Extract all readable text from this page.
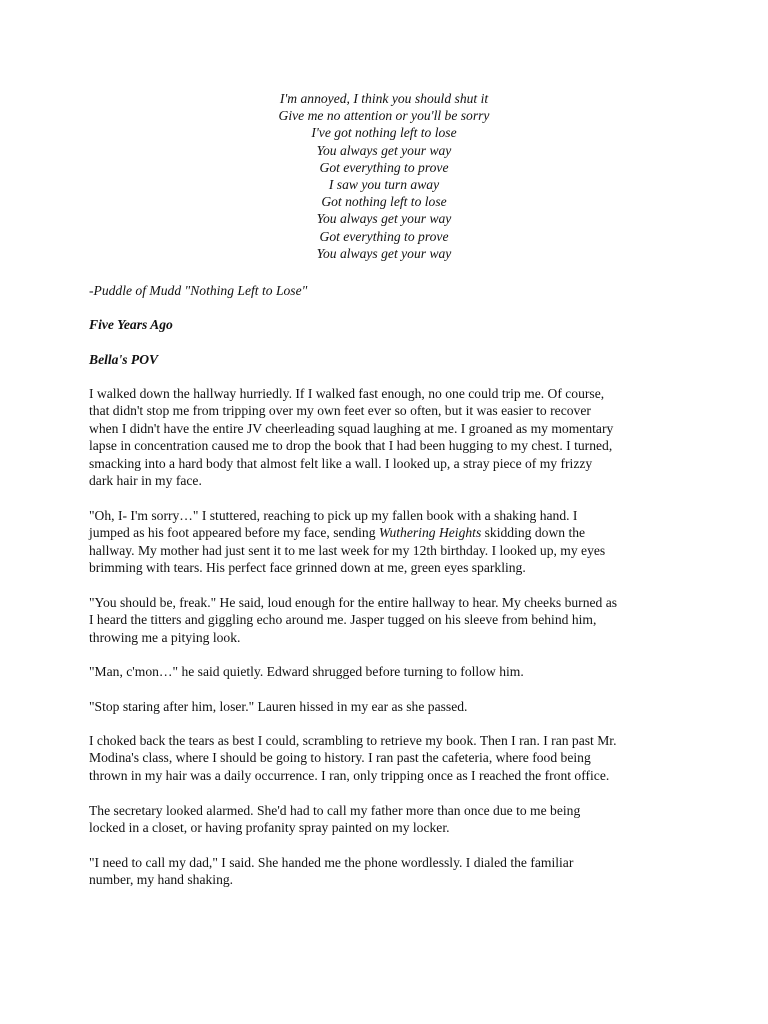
I'm annoyed, I think you should shut it
Give me no attention or you'll be sorry
I've got nothing left to lose
You always get your way
Got everything to prove
I saw you turn away
Got nothing left to lose
You always get your way
Got everything to prove
You always get your way
-Puddle of Mudd "Nothing Left to Lose"
Five Years Ago
Bella's POV
I walked down the hallway hurriedly. If I walked fast enough, no one could trip me. Of course,
that didn't stop me from tripping over my own feet ever so often, but it was easier to recover
when I didn't have the entire JV cheerleading squad laughing at me. I groaned as my momentary
lapse in concentration caused me to drop the book that I had been hugging to my chest. I turned,
smacking into a hard body that almost felt like a wall. I looked up, a stray piece of my frizzy
dark hair in my face.
"Oh, I- I'm sorry…" I stuttered, reaching to pick up my fallen book with a shaking hand. I
jumped as his foot appeared before my face, sending Wuthering Heights skidding down the
hallway. My mother had just sent it to me last week for my 12th birthday. I looked up, my eyes
brimming with tears. His perfect face grinned down at me, green eyes sparkling.
"You should be, freak." He said, loud enough for the entire hallway to hear. My cheeks burned as
I heard the titters and giggling echo around me. Jasper tugged on his sleeve from behind him,
throwing me a pitying look.
"Man, c'mon…" he said quietly. Edward shrugged before turning to follow him.
"Stop staring after him, loser." Lauren hissed in my ear as she passed.
I choked back the tears as best I could, scrambling to retrieve my book. Then I ran. I ran past Mr.
Modina's class, where I should be going to history. I ran past the cafeteria, where food being
thrown in my hair was a daily occurrence. I ran, only tripping once as I reached the front office.
The secretary looked alarmed. She'd had to call my father more than once due to me being
locked in a closet, or having profanity spray painted on my locker.
"I need to call my dad," I said. She handed me the phone wordlessly. I dialed the familiar
number, my hand shaking.
